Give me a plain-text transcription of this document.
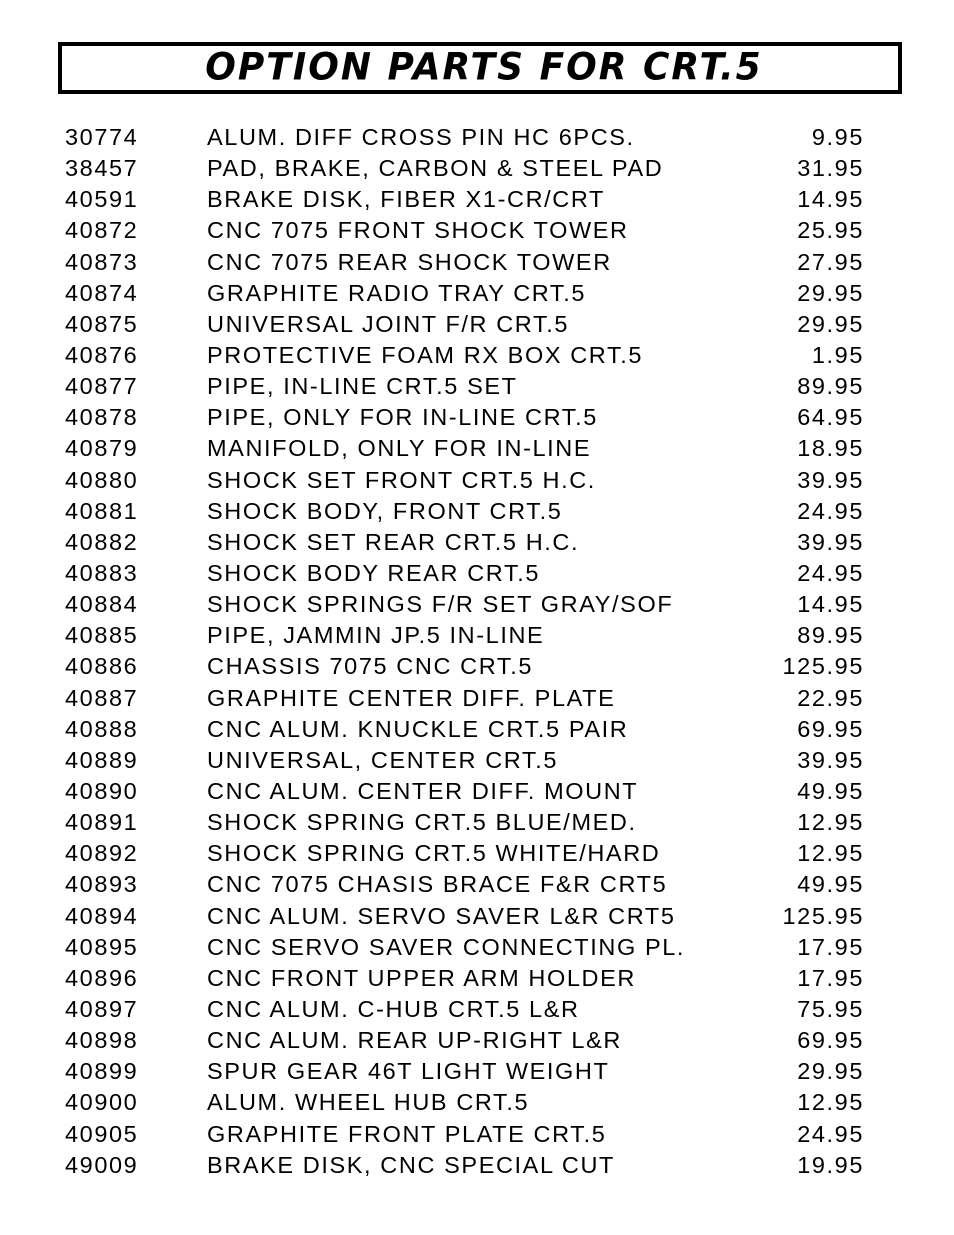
OPTION PARTS FOR CRT.5
30774	ALUM. DIFF CROSS PIN HC 6PCS.	9.95
38457	PAD, BRAKE, CARBON & STEEL PAD	31.95
40591	BRAKE DISK, FIBER X1-CR/CRT	14.95
40872	CNC 7075 FRONT SHOCK TOWER	25.95
40873	CNC 7075 REAR SHOCK TOWER	27.95
40874	GRAPHITE RADIO TRAY CRT.5	29.95
40875	UNIVERSAL JOINT F/R CRT.5	29.95
40876	PROTECTIVE FOAM RX BOX CRT.5	1.95
40877	PIPE, IN-LINE CRT.5 SET	89.95
40878	PIPE, ONLY FOR IN-LINE CRT.5	64.95
40879	MANIFOLD, ONLY FOR IN-LINE	18.95
40880	SHOCK SET FRONT CRT.5 H.C.	39.95
40881	SHOCK BODY, FRONT CRT.5	24.95
40882	SHOCK SET REAR CRT.5 H.C.	39.95
40883	SHOCK BODY REAR CRT.5	24.95
40884	SHOCK SPRINGS F/R SET GRAY/SOF	14.95
40885	PIPE, JAMMIN JP.5 IN-LINE	89.95
40886	CHASSIS 7075 CNC CRT.5	125.95
40887	GRAPHITE CENTER DIFF. PLATE	22.95
40888	CNC ALUM. KNUCKLE CRT.5 PAIR	69.95
40889	UNIVERSAL, CENTER CRT.5	39.95
40890	CNC ALUM. CENTER DIFF. MOUNT	49.95
40891	SHOCK SPRING CRT.5 BLUE/MED.	12.95
40892	SHOCK SPRING CRT.5 WHITE/HARD	12.95
40893	CNC 7075 CHASIS BRACE F&R CRT5	49.95
40894	CNC ALUM. SERVO SAVER L&R CRT5	125.95
40895	CNC SERVO SAVER CONNECTING PL.	17.95
40896	CNC FRONT UPPER ARM HOLDER	17.95
40897	CNC ALUM. C-HUB CRT.5 L&R	75.95
40898	CNC ALUM. REAR UP-RIGHT L&R	69.95
40899	SPUR GEAR 46T LIGHT WEIGHT	29.95
40900	ALUM. WHEEL HUB CRT.5	12.95
40905	GRAPHITE FRONT PLATE CRT.5	24.95
49009	BRAKE DISK, CNC SPECIAL CUT	19.95
